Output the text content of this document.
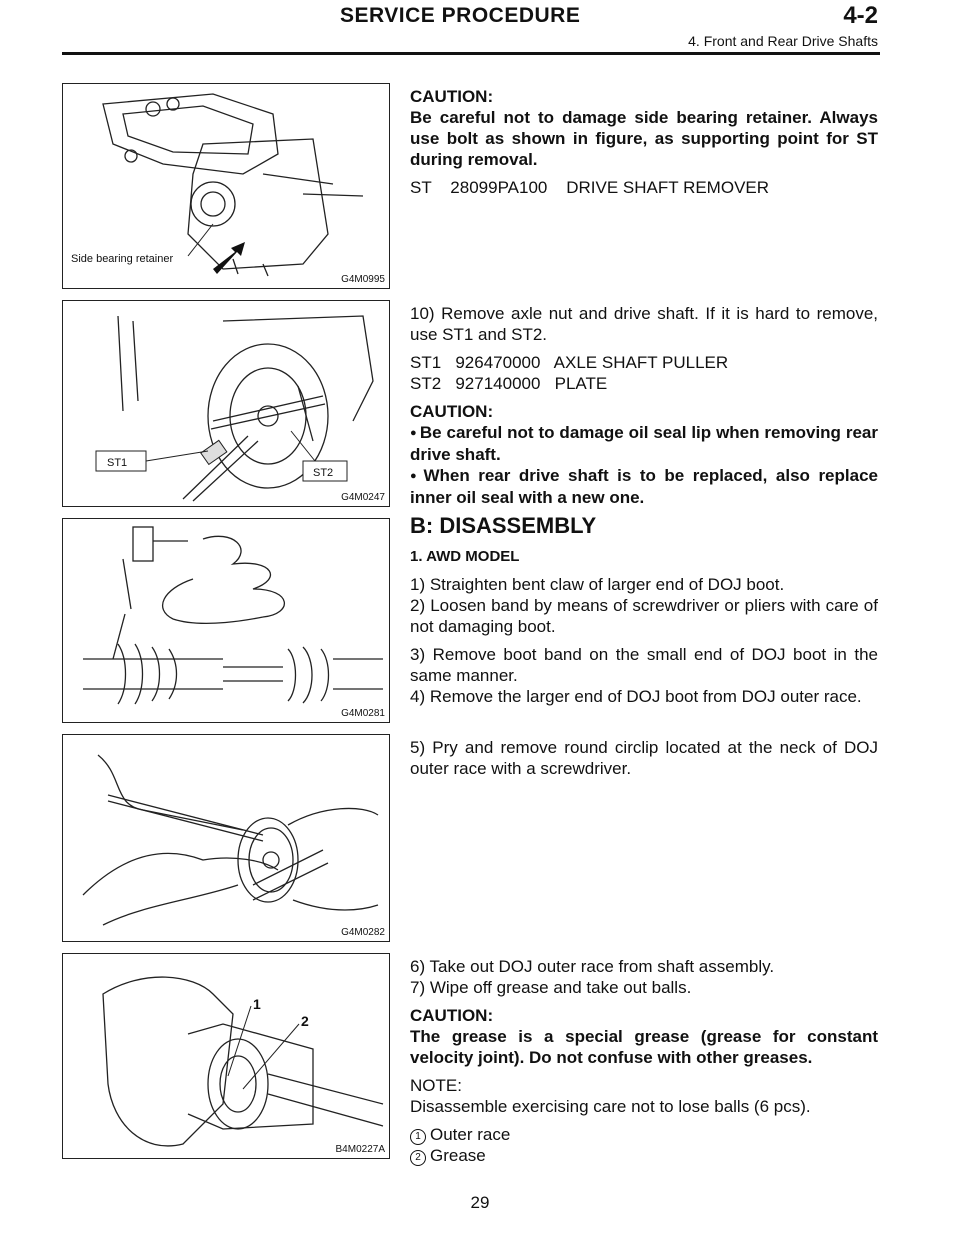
SERVICE PROCEDURE	4-2
4. Front and Rear Drive Shafts
Side bearing retainer
G4M0995

CAUTION:

Be careful not to damage side bearing retainer. Always use bolt as shown in figure, as supporting point for ST during removal.

ST    28099PA100    DRIVE SHAFT REMOVER

ST1
ST2
G4M0247

10) Remove axle nut and drive shaft. If it is hard to remove, use ST1 and ST2.

ST1   926470000   AXLE SHAFT PULLER

ST2   927140000   PLATE

CAUTION:

● Be careful not to damage oil seal lip when removing rear drive shaft.

● When rear drive shaft is to be replaced, also replace inner oil seal with a new one.

G4M0281

B: DISASSEMBLY

1. AWD MODEL

1) Straighten bent claw of larger end of DOJ boot.

2) Loosen band by means of screwdriver or pliers with care of not damaging boot.

3) Remove boot band on the small end of DOJ boot in the same manner.

4) Remove the larger end of DOJ boot from DOJ outer race.

G4M0282

5) Pry and remove round circlip located at the neck of DOJ outer race with a screwdriver.

1
2
B4M0227A

6) Take out DOJ outer race from shaft assembly.

7) Wipe off grease and take out balls.

CAUTION:

The grease is a special grease (grease for constant velocity joint). Do not confuse with other greases.

NOTE:

Disassemble exercising care not to lose balls (6 pcs).

1 Outer race

2 Grease

29
